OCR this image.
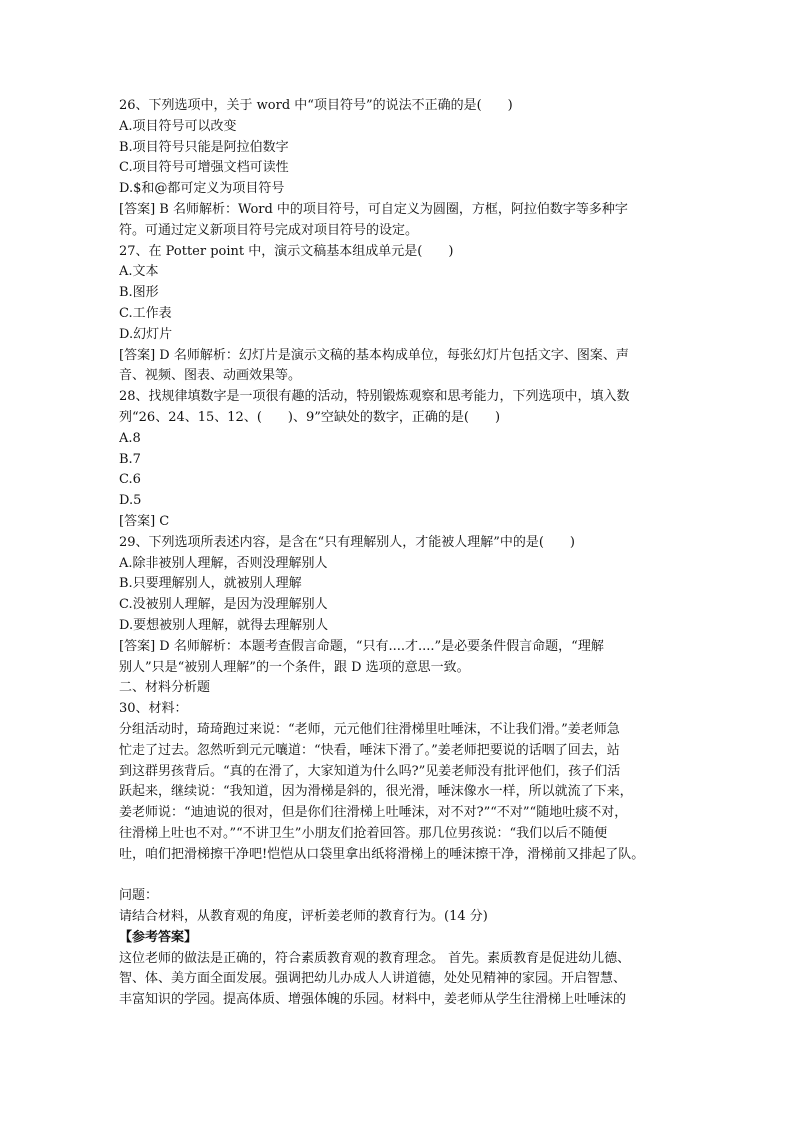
26、下列选项中，关于 word 中“项目符号”的说法不正确的是(　　)
A.项目符号可以改变
B.项目符号只能是阿拉伯数字
C.项目符号可增强文档可读性
D.$和@都可定义为项目符号
[答案] B 名师解析：Word 中的项目符号，可自定义为圆圈，方框，阿拉伯数字等多种字
符。可通过定义新项目符号完成对项目符号的设定。
27、在 Potter point 中，演示文稿基本组成单元是(　　)
A.文本
B.图形
C.工作表
D.幻灯片
[答案] D 名师解析：幻灯片是演示文稿的基本构成单位，每张幻灯片包括文字、图案、声
音、视频、图表、动画效果等。
28、找规律填数字是一项很有趣的活动，特别锻炼观察和思考能力，下列选项中，填入数
列“26、24、15、12、(　　)、9”空缺处的数字，正确的是(　　)
A.8
B.7
C.6
D.5
[答案] C
29、下列选项所表述内容，是含在“只有理解别人，才能被人理解”中的是(　　)
A.除非被别人理解，否则没理解别人
B.只要理解别人，就被别人理解
C.没被别人理解，是因为没理解别人
D.要想被别人理解，就得去理解别人
[答案] D 名师解析：本题考查假言命题，“只有....才....”是必要条件假言命题，“理解
别人”只是“被别人理解”的一个条件，跟 D 选项的意思一致。
二、材料分析题
30、材料：
分组活动时，琦琦跑过来说：“老师，元元他们往滑梯里吐唾沫，不让我们滑。”姜老师急
忙走了过去。忽然听到元元嚷道：“快看，唾沫下滑了。”姜老师把要说的话咽了回去，站
到这群男孩背后。“真的在滑了，大家知道为什么吗?”见姜老师没有批评他们，孩子们活
跃起来，继续说：“我知道，因为滑梯是斜的，很光滑，唾沫像水一样，所以就流了下来，
姜老师说：“迪迪说的很对，但是你们往滑梯上吐唾沫，对不对?”“不对”“随地吐痰不对，
往滑梯上吐也不对。”“不讲卫生”小朋友们抢着回答。那几位男孩说：“我们以后不随便
吐，咱们把滑梯擦干净吧!恺恺从口袋里拿出纸将滑梯上的唾沫擦干净，滑梯前又排起了队。
问题：
请结合材料，从教育观的角度，评析姜老师的教育行为。(14 分)
【参考答案】
这位老师的做法是正确的，符合素质教育观的教育理念。 首先。素质教育是促进幼儿德、
智、体、美方面全面发展。强调把幼儿办成人人讲道德，处处见精神的家园。开启智慧、
丰富知识的学园。提高体质、增强体魄的乐园。材料中，姜老师从学生往滑梯上吐唾沫的
